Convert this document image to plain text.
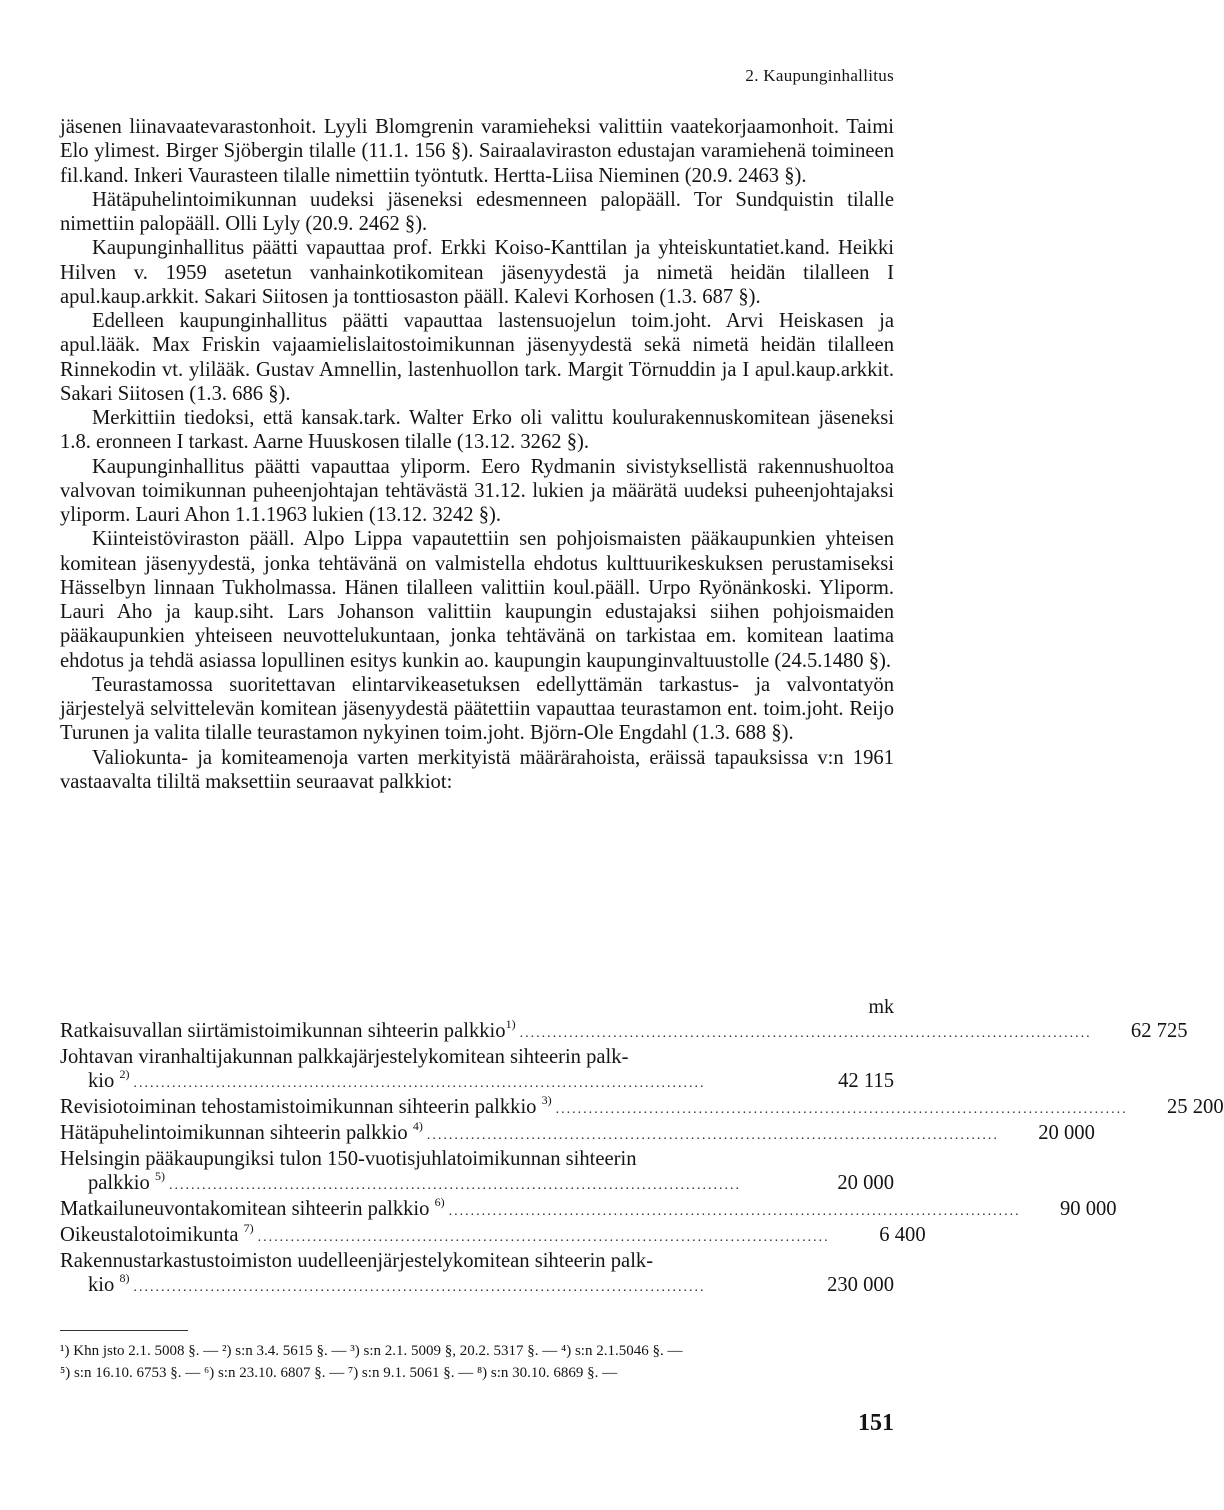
2. Kaupunginhallitus

jäsenen liinavaatevarastonhoit. Lyyli Blomgrenin varamieheksi valittiin vaatekorjaamonhoit. Taimi Elo ylimest. Birger Sjöbergin tilalle (11.1. 156 §). Sairaalaviraston edustajan varamiehenä toimineen fil.kand. Inkeri Vaurasteen tilalle nimettiin työntutk. Hertta-Liisa Nieminen (20.9. 2463 §).

Hätäpuhelintoimikunnan uudeksi jäseneksi edesmenneen palopääll. Tor Sundquistin tilalle nimettiin palopääll. Olli Lyly (20.9. 2462 §).

Kaupunginhallitus päätti vapauttaa prof. Erkki Koiso-Kanttilan ja yhteiskuntatiet.kand. Heikki Hilven v. 1959 asetetun vanhainkotikomitean jäsenyydestä ja nimetä heidän tilalleen I apul.kaup.arkkit. Sakari Siitosen ja tonttiosaston pääll. Kalevi Korhosen (1.3. 687 §).

Edelleen kaupunginhallitus päätti vapauttaa lastensuojelun toim.joht. Arvi Heiskasen ja apul.lääk. Max Friskin vajaamielislaitostoimikunnan jäsenyydestä sekä nimetä heidän tilalleen Rinnekodin vt. ylilääk. Gustav Amnellin, lastenhuollon tark. Margit Törnuddin ja I apul.kaup.arkkit. Sakari Siitosen (1.3. 686 §).

Merkittiin tiedoksi, että kansak.tark. Walter Erko oli valittu koulurakennuskomitean jäseneksi 1.8. eronneen I tarkast. Aarne Huuskosen tilalle (13.12. 3262 §).

Kaupunginhallitus päätti vapauttaa yliporm. Eero Rydmanin sivistyksellistä rakennushuoltoa valvovan toimikunnan puheenjohtajan tehtävästä 31.12. lukien ja määrätä uudeksi puheenjohtajaksi yliporm. Lauri Ahon 1.1.1963 lukien (13.12. 3242 §).

Kiinteistöviraston pääll. Alpo Lippa vapautettiin sen pohjoismaisten pääkaupunkien yhteisen komitean jäsenyydestä, jonka tehtävänä on valmistella ehdotus kulttuurikeskuksen perustamiseksi Hässelbyn linnaan Tukholmassa. Hänen tilalleen valittiin koul.pääll. Urpo Ryönänkoski. Yliporm. Lauri Aho ja kaup.siht. Lars Johanson valittiin kaupungin edustajaksi siihen pohjoismaiden pääkaupunkien yhteiseen neuvottelukuntaan, jonka tehtävänä on tarkistaa em. komitean laatima ehdotus ja tehdä asiassa lopullinen esitys kunkin ao. kaupungin kaupunginvaltuustolle (24.5.1480 §).

Teurastamossa suoritettavan elintarvikeasetuksen edellyttämän tarkastus- ja valvontatyön järjestelyä selvittelevän komitean jäsenyydestä päätettiin vapauttaa teurastamon ent. toim.joht. Reijo Turunen ja valita tilalle teurastamon nykyinen toim.joht. Björn-Ole Engdahl (1.3. 688 §).

Valiokunta- ja komiteamenoja varten merkityistä määrärahoista, eräissä tapauksissa v:n 1961 vastaavalta tililtä maksettiin seuraavat palkkiot:

mk
Ratkaisuvallan siirtämistoimikunnan sihteerin palkkio$^{1)}$
........................................................................................................	62 725
Johtavan viranhaltijakunnan palkkajärjestelykomitean sihteerin palk-
kio $^{2)}$
........................................................................................................	42 115
Revisiotoiminan tehostamistoimikunnan sihteerin palkkio $^{3)}$
........................................................................................................	25 200
Hätäpuhelintoimikunnan sihteerin palkkio $^{4)}$
........................................................................................................	20 000
Helsingin pääkaupungiksi tulon 150-vuotisjuhlatoimikunnan sihteerin
palkkio $^{5)}$
........................................................................................................	20 000
Matkailuneuvontakomitean sihteerin palkkio $^{6)}$
........................................................................................................	90 000
Oikeustalotoimikunta $^{7)}$
........................................................................................................	6 400
Rakennustarkastustoimiston uudelleenjärjestelykomitean sihteerin palk-
kio $^{8)}$
........................................................................................................	230 000

¹) Khn jsto 2.1. 5008 §. — ²) s:n 3.4. 5615 §. — ³) s:n 2.1. 5009 §, 20.2. 5317 §. — ⁴) s:n 2.1.5046 §. —

⁵) s:n 16.10. 6753 §. — ⁶) s:n 23.10. 6807 §. — ⁷) s:n 9.1. 5061 §. — ⁸) s:n 30.10. 6869 §. —

151
